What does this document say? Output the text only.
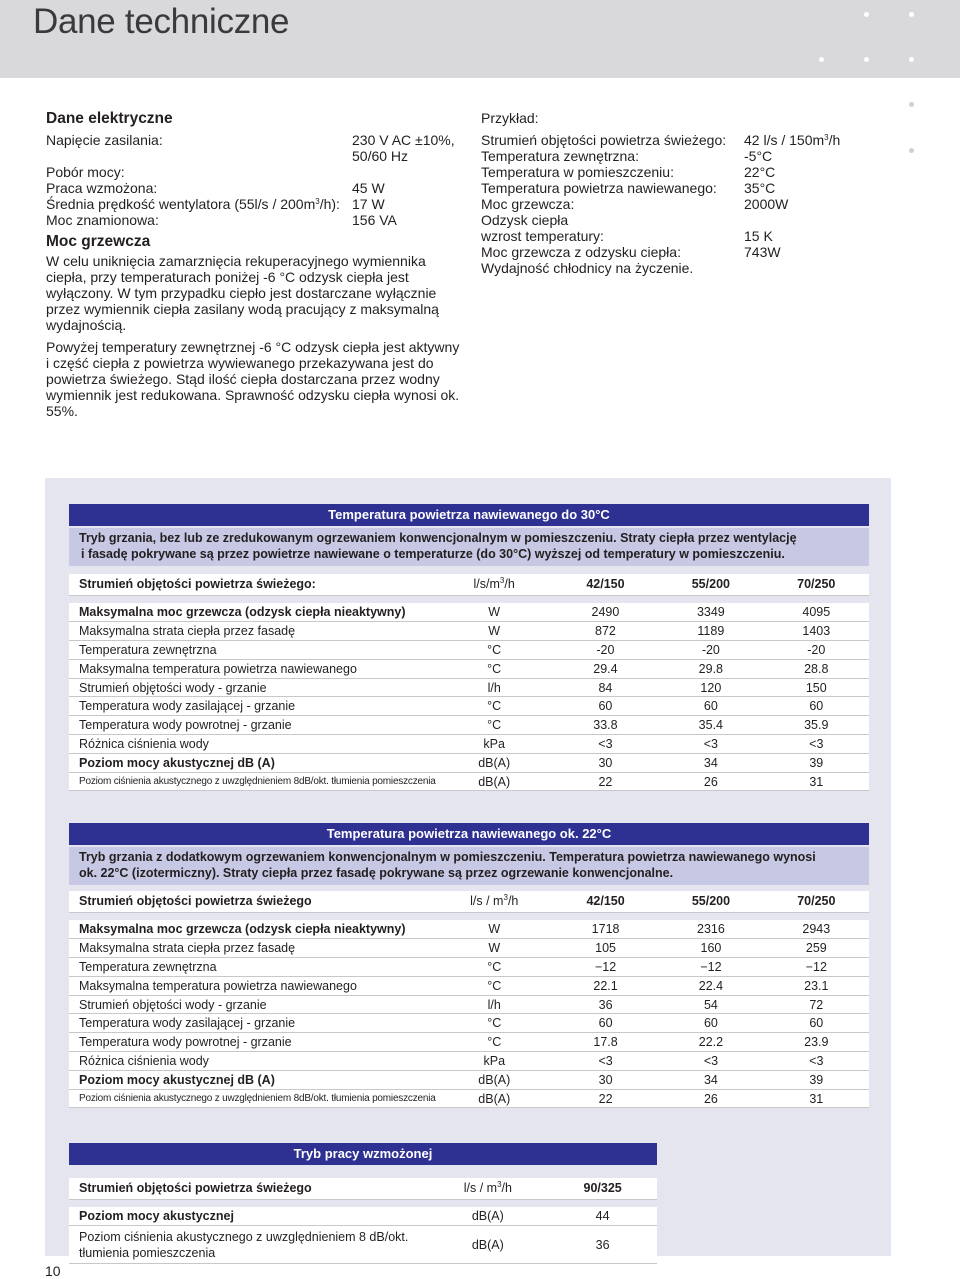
Dane techniczne
Dane elektryczne
Napięcie zasilania:	230 V AC ±10%,
50/60 Hz
Pobór mocy:
Praca wzmożona:	45 W
Średnia prędkość wentylatora $(55l/s / 200m^3/h)$: 17 W
Moc znamionowa:	156 VA
Moc grzewcza

W celu uniknięcia zamarznięcia rekuperacyjnego wymiennika ciepła, przy temperaturach poniżej -6 °C odzysk ciepła jest wyłączony. W tym przypadku ciepło jest dostarczane wyłącznie przez wymiennik ciepła zasilany wodą pracujący z maksymalną wydajnością.

Powyżej temperatury zewnętrznej -6 °C odzysk ciepła jest aktywny i część ciepła z powietrza wywiewanego przekazywana jest do powietrza świeżego. Stąd ilość ciepła dostarczana przez wodny wymiennik jest redukowana. Sprawność odzysku ciepła wynosi ok. 55%.

Przykład:
Strumień objętości powietrza świeżego: 42 $l/s / 150m^3/h$
Temperatura zewnętrzna:	-5°C
Temperatura w pomieszczeniu:	22°C
Temperatura powietrza nawiewanego: 35°C
Moc grzewcza:	2000W
Odzysk ciepła
wzrost temperatury:	15 K
Moc grzewcza z odzysku ciepła:	743W
Wydajność chłodnicy na życzenie.
Temperatura powietrza nawiewanego do 30°C
Tryb grzania, bez lub ze zredukowanym ogrzewaniem konwencjonalnym w pomieszczeniu. Straty ciepła przez wentylację
i fasadę pokrywane są przez powietrze nawiewane o temperaturze (do 30°C) wyższej od temperatury w pomieszczeniu.
Strumień objętości powietrza świeżego:	$l/s/m^3/h$	42/150	55/200	70/250

Maksymalna moc grzewcza (odzysk ciepła nieaktywny)	W	2490	3349	4095
Maksymalna strata ciepła przez fasadę	W	872	1189	1403
Temperatura zewnętrzna	°C	-20	-20	-20
Maksymalna temperatura powietrza nawiewanego	°C	29.4	29.8	28.8
Strumień objętości wody - grzanie	l/h	84	120	150
Temperatura wody zasilającej - grzanie	°C	60	60	60
Temperatura wody powrotnej - grzanie	°C	33.8	35.4	35.9
Różnica ciśnienia wody	kPa	<3	<3	<3
Poziom mocy akustycznej dB (A)	dB(A)	30	34	39
Poziom ciśnienia akustycznego z uwzględnieniem 8dB/okt. tłumienia pomieszczenia	dB(A)	22	26	31
Temperatura powietrza nawiewanego ok. 22°C
Tryb grzania z dodatkowym ogrzewaniem konwencjonalnym w pomieszczeniu. Temperatura powietrza nawiewanego wynosi
ok. 22°C (izotermiczny). Straty ciepła przez fasadę pokrywane są przez ogrzewanie konwencjonalne.
Strumień objętości powietrza świeżego	$l/s / m^3/h$	42/150	55/200	70/250

Maksymalna moc grzewcza (odzysk ciepła nieaktywny)	W	1718	2316	2943
Maksymalna strata ciepła przez fasadę	W	105	160	259
Temperatura zewnętrzna	°C	−12	−12	−12
Maksymalna temperatura powietrza nawiewanego	°C	22.1	22.4	23.1
Strumień objętości wody - grzanie	l/h	36	54	72
Temperatura wody zasilającej - grzanie	°C	60	60	60
Temperatura wody powrotnej - grzanie	°C	17.8	22.2	23.9
Różnica ciśnienia wody	kPa	<3	<3	<3
Poziom mocy akustycznej dB (A)	dB(A)	30	34	39
Poziom ciśnienia akustycznego z uwzględnieniem 8dB/okt. tłumienia pomieszczenia	dB(A)	22	26	31
Tryb pracy wzmożonej
Strumień objętości powietrza świeżego	$l/s / m^3/h$	90/325

Poziom mocy akustycznej	dB(A)	44

Poziom ciśnienia akustycznego z uwzględnieniem 8 dB/okt.
tłumienia pomieszczenia	dB(A)	36
10
